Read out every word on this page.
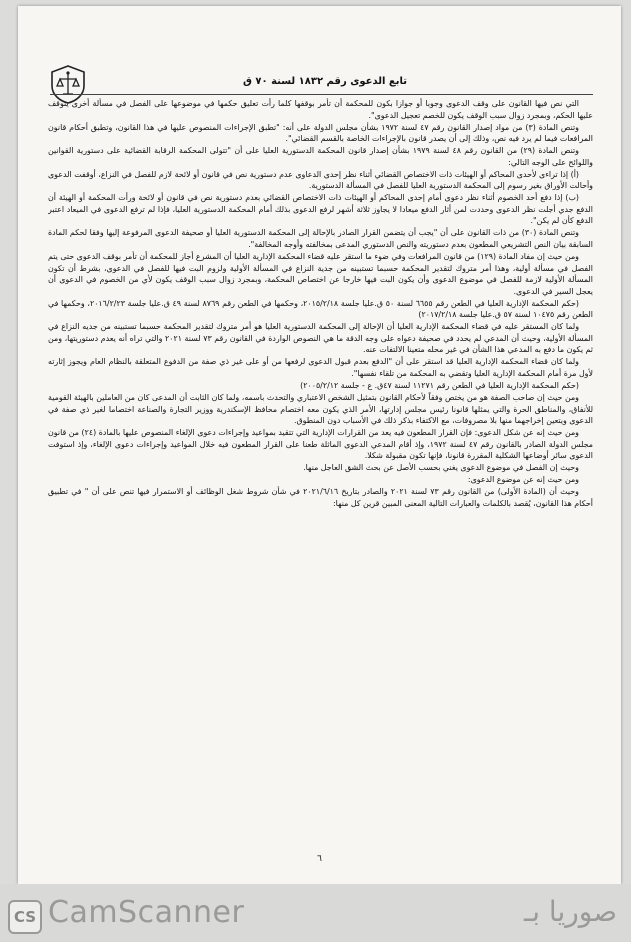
تابع الدعوى رقم ١٨٣٢ لسنة ٧٠ ق

التي نص فيها القانون على وقف الدعوى وجوبا أو جوازا بكون للمحكمة أن تأمر بوقفها كلما رأت تعليق حكمها في موضوعها على الفصل في مسألة أخرى يتوقف عليها الحكم، وبمجرد زوال سبب الوقف يكون للخصم تعجيل الدعوى".

وتنص المادة (٣) من مواد إصدار القانون رقم ٤٧ لسنة ١٩٧٢ بشأن مجلس الدولة على أنه: "تطبق الإجراءات المنصوص عليها في هذا القانون، وتطبق أحكام قانون المرافعات فيما لم يرد فيه نص، وذلك إلى أن يصدر قانون بالإجراءات الخاصة بالقسم القضائي".

وتنص المادة (٢٩) من القانون رقم ٤٨ لسنة ١٩٧٩ بشأن إصدار قانون المحكمة الدستورية العليا على أن "تتولى المحكمة الرقابة القضائية على دستورية القوانين واللوائح على الوجه التالي:

(أ) إذا تراءى لأحدى المحاكم أو الهيئات ذات الاختصاص القضائي أثناء نظر إحدى الدعاوى عدم دستورية نص في قانون أو لائحة لازم للفصل في النزاع، أوقفت الدعوى وأحالت الأوراق بغير رسوم إلى المحكمة الدستورية العليا للفصل في المسألة الدستورية.

(ب) إذا دفع أحد الخصوم أثناء نظر دعوى أمام إحدى المحاكم أو الهيئات ذات الاختصاص القضائي بعدم دستورية نص في قانون أو لائحة ورأت المحكمة أو الهيئة أن الدفع جدي أجلت نظر الدعوى وحددت لمن أثار الدفع ميعادا لا يجاوز ثلاثة أشهر لرفع الدعوى بذلك أمام المحكمة الدستورية العليا، فإذا لم ترفع الدعوى في الميعاد اعتبر الدفع كأن لم يكن".

وتنص المادة (٣٠) من ذات القانون على أن "يجب أن يتضمن القرار الصادر بالإحالة إلى المحكمة الدستورية العليا أو صحيفة الدعوى المرفوعة إليها وفقا لحكم المادة السابقة بيان النص التشريعي المطعون بعدم دستوريته والنص الدستوري المدعى بمخالفته وأوجه المخالفة".

ومن حيث إن مفاد المادة (١٢٩) من قانون المرافعات وفي ضوء ما استقر عليه قضاء المحكمة الإدارية العليا أن المشرع أجاز للمحكمة أن تأمر بوقف الدعوى حتى يتم الفصل في مسألة أولية، وهذا أمر متروك لتقدير المحكمة حسبما تستبينه من جدية النزاع في المسألة الأولية ولزوم البت فيها للفصل في الدعوى، بشرط أن تكون المسألة الأولية لازمة للفصل في موضوع الدعوى وأن يكون البت فيها خارجا عن اختصاص المحكمة، وبمجرد زوال سبب الوقف يكون لأي من الخصوم في الدعوى أن يعجل السير في الدعوى.

(حكم المحكمة الإدارية العليا في الطعن رقم ٦٦٥٥ لسنة ٥٠ ق.عليا جلسة ٢٠١٥/٢/١٨، وحكمها في الطعن رقم ٨٧٦٩ لسنة ٤٩ ق.عليا جلسة ٢٠١٦/٢/٢٣، وحكمها في الطعن رقم ١٠٤٧٥ لسنة ٥٧ ق.عليا جلسة ٢٠١٧/٢/١٨)

ولما كان المستقر عليه في قضاء المحكمة الإدارية العليا أن الإحالة إلى المحكمة الدستورية العليا هو أمر متروك لتقدير المحكمة حسبما تستبينه من جديه النزاع في المسألة الأولية، وحيث أن المدعي لم يحدد في صحيفة دعواه على وجه الدقة ما هي النصوص الواردة في القانون رقم ٧٣ لسنة ٢٠٢١ والتي تراه أنه يعدم دستوريتها، ومن ثم يكون ما دفع به المدعي هذا الشأن في غير محله متعينا الالتفات عنه.

ولما كان قضاء المحكمة الإدارية العليا قد استقر على أن "الدفع بعدم قبول الدعوى لرفعها من أو على غير ذي صفة من الدفوع المتعلقة بالنظام العام ويجوز إثارته لأول مرة أمام المحكمة الإدارية العليا وتقضي به المحكمة من تلقاء نفسها".

(حكم المحكمة الإدارية العليا في الطعن رقم ١١٢٧١ لسنة ٤٧ق. ع - جلسة ٢٠٠٥/٢/١٢)

ومن حيث إن صاحب الصفة هو من يختص وفقاً لأحكام القانون بتمثيل الشخص الاعتباري والتحدث باسمه، ولما كان الثابت أن المدعى كان من العاملين بالهيئة القومية للأنفاق، والمناطق الحرة والتي يمثلها قانونا رئيس مجلس إدارتها، الأمر الذي يكون معه اختصام محافظ الإسكندرية ووزير التجارة والصناعة اختصاما لغير ذي صفة في الدعوى ويتعين إخراجهما منها بلا مصروفات، مع الاكتفاء بذكر ذلك في الأسباب دون المنطوق.

ومن حيث إنه عن شكل الدعوى: فإن القرار المطعون فيه يعد من القرارات الإدارية التي تتقيد بمواعيد وإجراءات دعوى الإلغاء المنصوص عليها بالمادة (٢٤) من قانون مجلس الدولة الصادر بالقانون رقم ٤٧ لسنة ١٩٧٢، وإذ أقام المدعي الدعوى الماثلة طعنا على القرار المطعون فيه خلال المواعيد وإجراءات دعوى الإلغاء، وإذ استوفت الدعوى سائر أوضاعها الشكلية المقررة قانونا، فإنها تكون مقبولة شكلا.

وحيث إن الفصل في موضوع الدعوى يغني بحسب الأصل عن بحث الشق العاجل منها.

ومن حيث إنه عن موضوع الدعوى:

وحيث أن (المادة الأولى) من القانون رقم ٧٣ لسنة ٢٠٢١ والصادر بتاريخ ٢٠٢١/٦/١٦ في شأن شروط شغل الوظائف أو الاستمرار فيها تنص على أن " في تطبيق أحكام هذا القانون، يُقصد بالكلمات والعبارات التالية المعنى المبين قرين كل منها:

٦
CS CamScanner	صوريا بـ
